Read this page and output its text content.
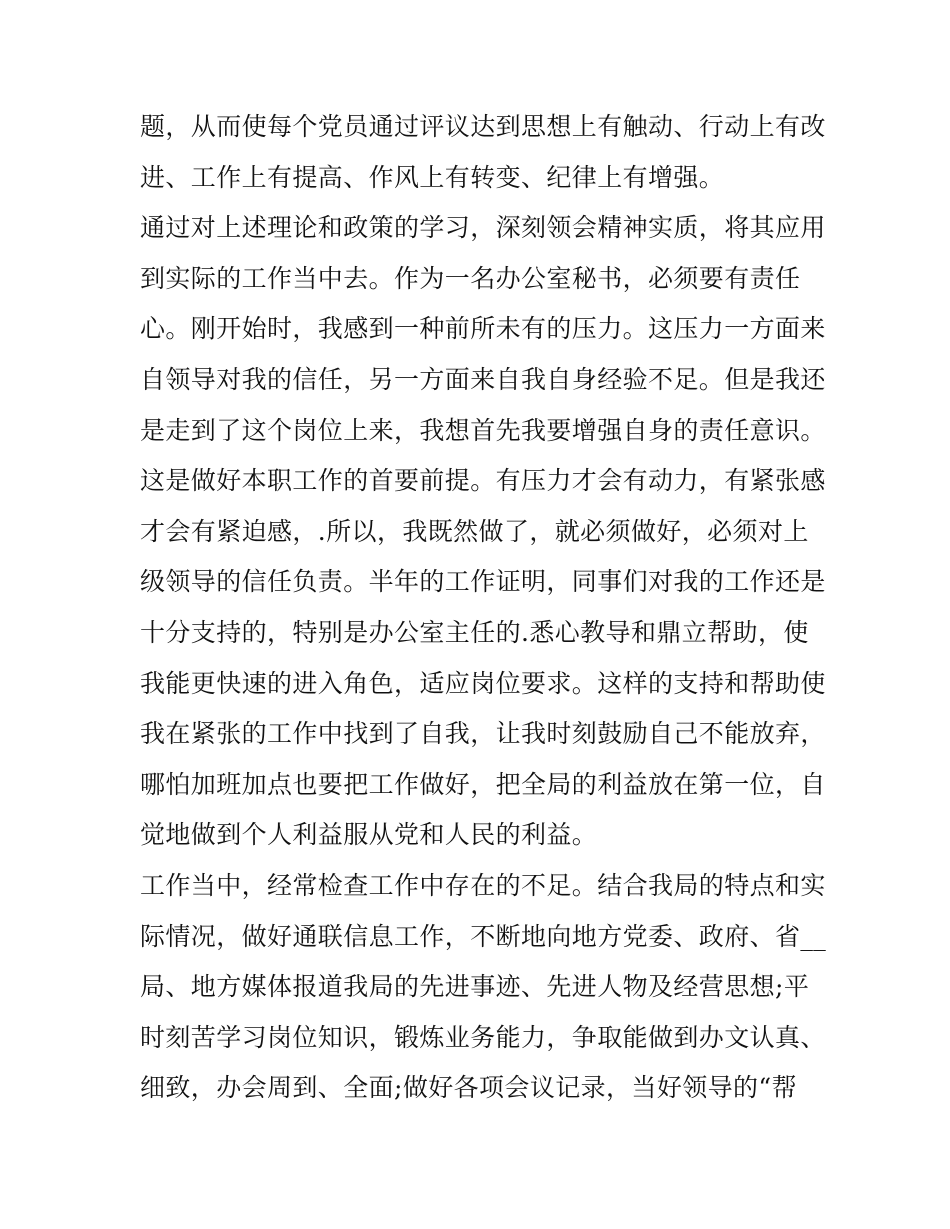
题，从而使每个党员通过评议达到思想上有触动、行动上有改
进、工作上有提高、作风上有转变、纪律上有增强。
通过对上述理论和政策的学习，深刻领会精神实质，将其应用
到实际的工作当中去。作为一名办公室秘书，必须要有责任
心。刚开始时，我感到一种前所未有的压力。这压力一方面来
自领导对我的信任，另一方面来自我自身经验不足。但是我还
是走到了这个岗位上来，我想首先我要增强自身的责任意识。
这是做好本职工作的首要前提。有压力才会有动力，有紧张感
才会有紧迫感，.所以，我既然做了，就必须做好，必须对上
级领导的信任负责。半年的工作证明，同事们对我的工作还是
十分支持的，特别是办公室主任的.悉心教导和鼎立帮助，使
我能更快速的进入角色，适应岗位要求。这样的支持和帮助使
我在紧张的工作中找到了自我，让我时刻鼓励自己不能放弃，
哪怕加班加点也要把工作做好，把全局的利益放在第一位，自
觉地做到个人利益服从党和人民的利益。
工作当中，经常检查工作中存在的不足。结合我局的特点和实
际情况，做好通联信息工作，不断地向地方党委、政府、省__
局、地方媒体报道我局的先进事迹、先进人物及经营思想;平
时刻苦学习岗位知识，锻炼业务能力，争取能做到办文认真、
细致，办会周到、全面;做好各项会议记录，当好领导的“帮
